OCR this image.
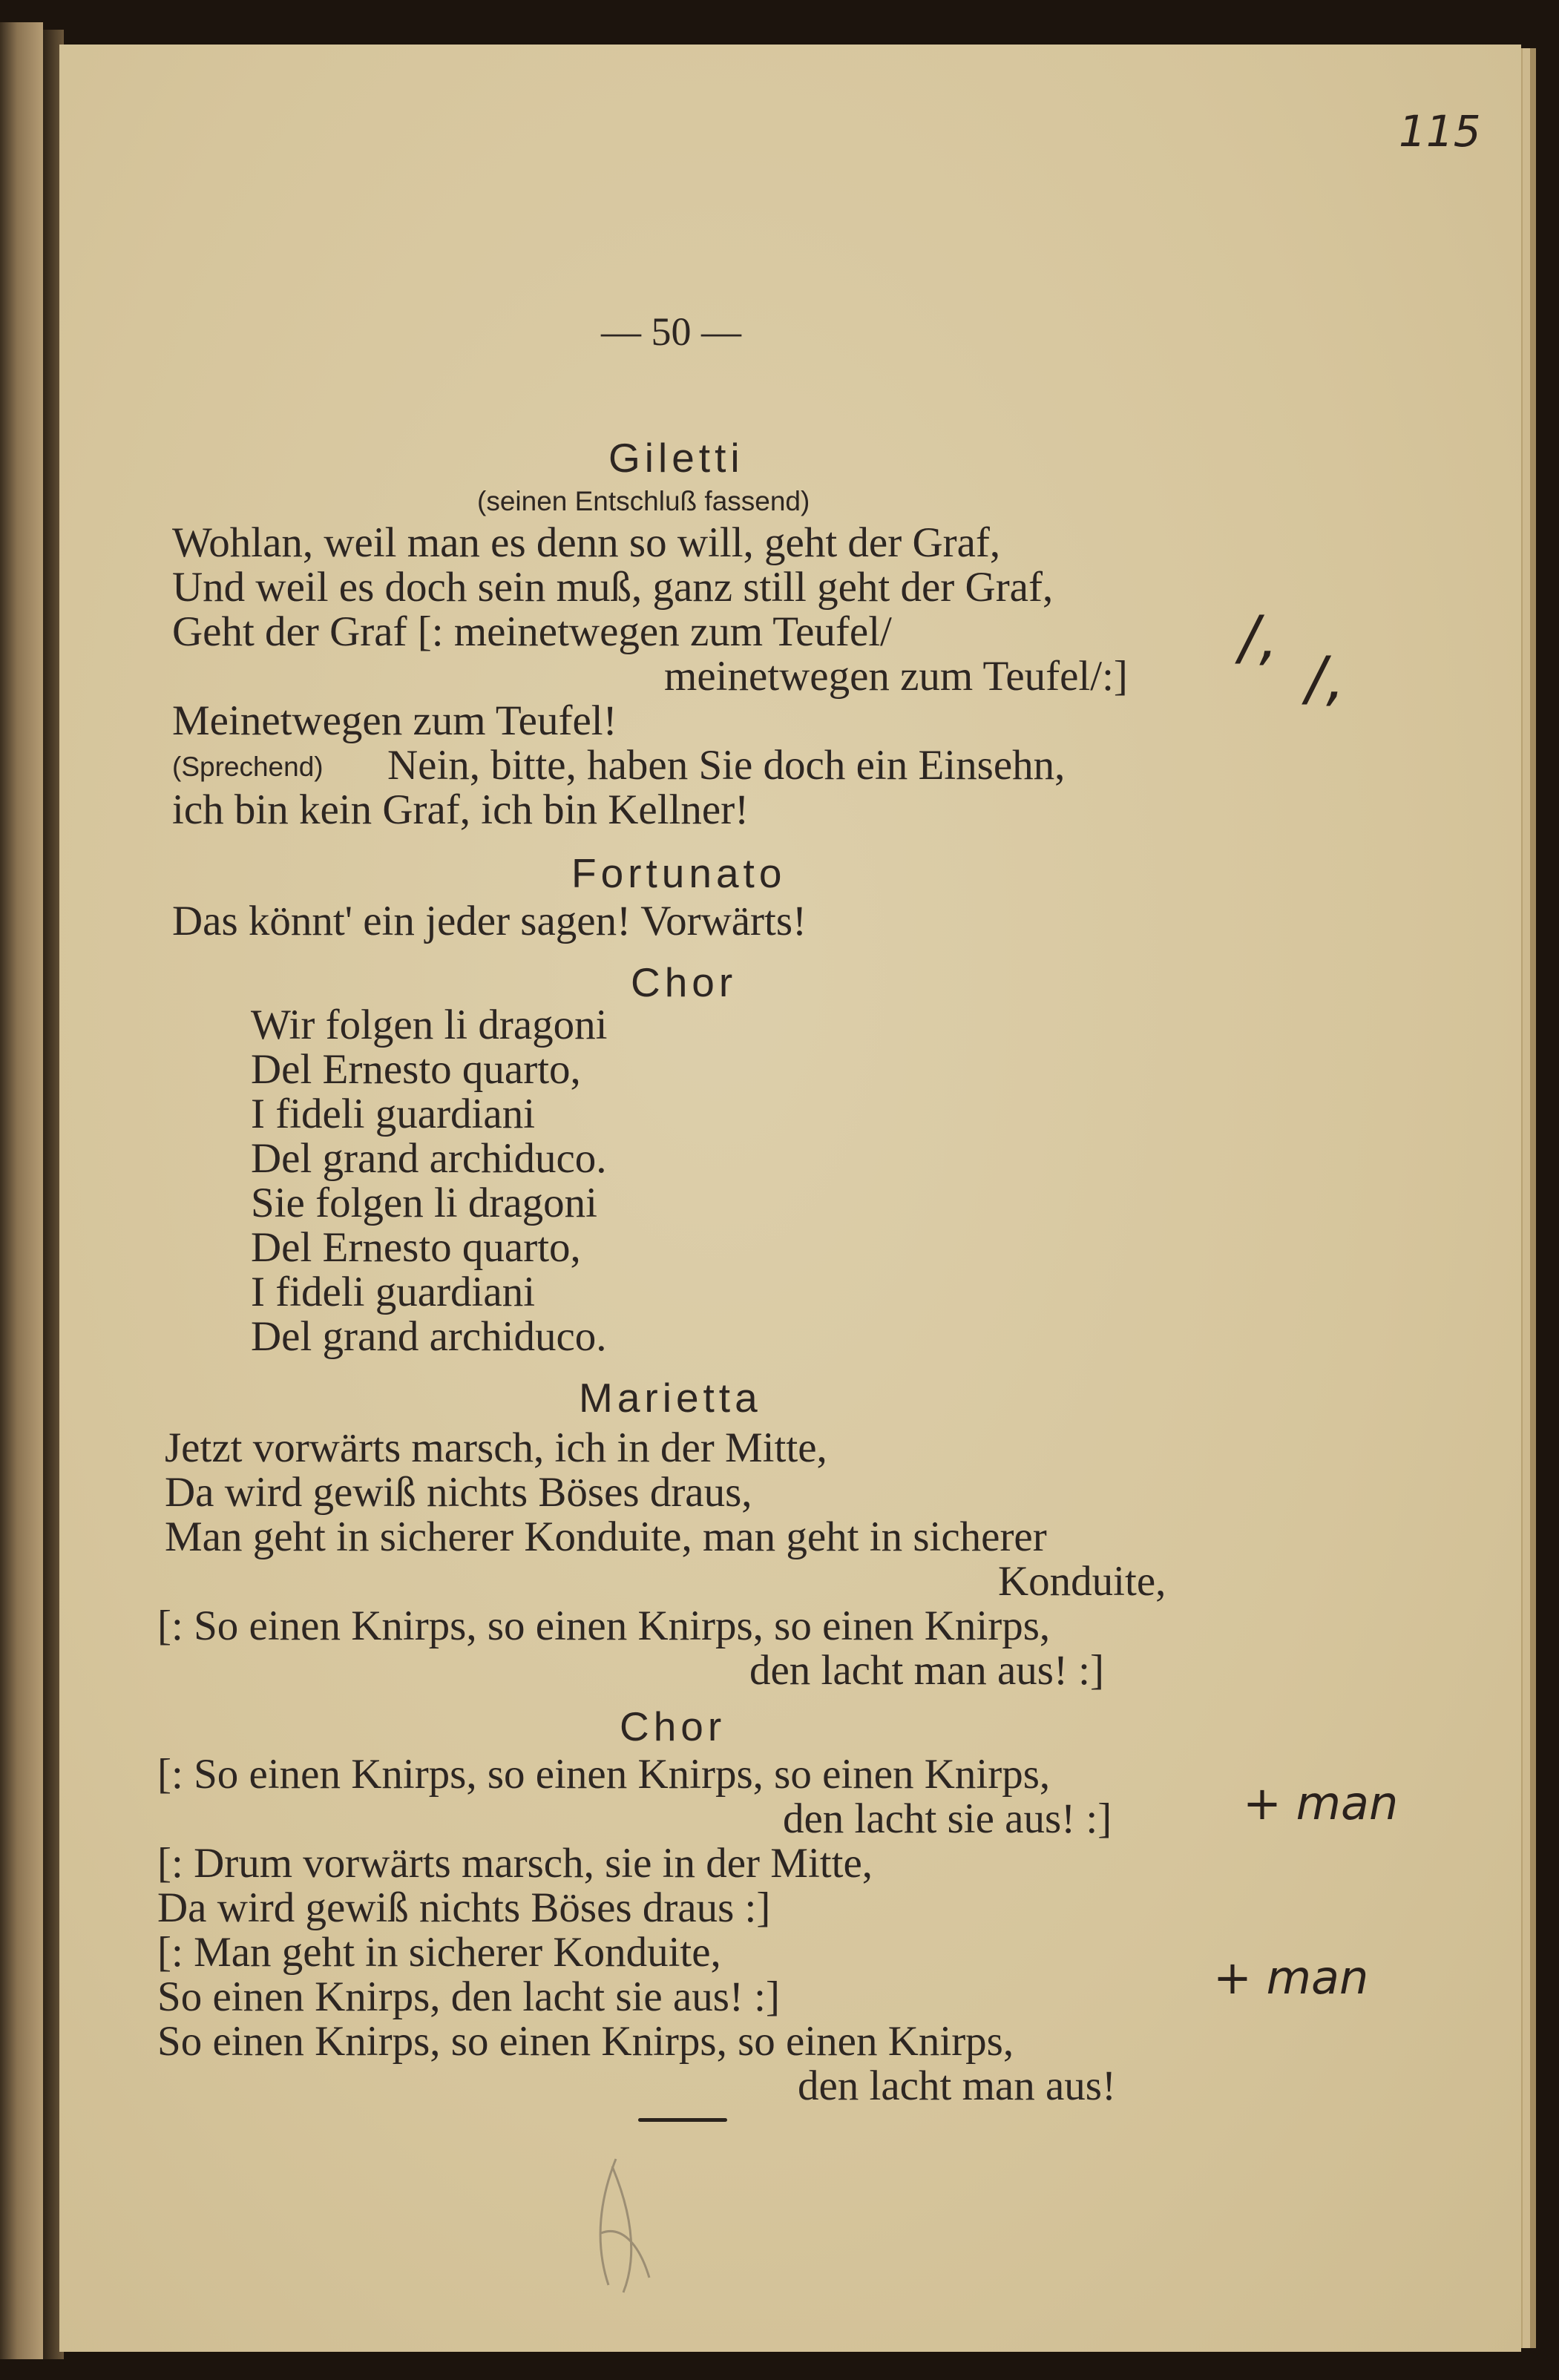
115
— 50 —
Giletti
(seinen Entschluß fassend)
Wohlan, weil man es denn so will, geht der Graf,
Und weil es doch sein muß, ganz still geht der Graf,
Geht der Graf [: meinetwegen zum Teufel/
meinetwegen zum Teufel/:]
Meinetwegen zum Teufel!
(Sprechend) Nein, bitte, haben Sie doch ein Einsehn,
ich bin kein Graf, ich bin Kellner!
/,
/,
Fortunato
Das könnt' ein jeder sagen! Vorwärts!
Chor
Wir folgen li dragoni
Del Ernesto quarto,
I fideli guardiani
Del grand archiduco.
Sie folgen li dragoni
Del Ernesto quarto,
I fideli guardiani
Del grand archiduco.
Marietta
Jetzt vorwärts marsch, ich in der Mitte,
Da wird gewiß nichts Böses draus,
Man geht in sicherer Konduite, man geht in sicherer
Konduite,
[: So einen Knirps, so einen Knirps, so einen Knirps,
den lacht man aus! :]
Chor
[: So einen Knirps, so einen Knirps, so einen Knirps,
den lacht sie aus! :]
[: Drum vorwärts marsch, sie in der Mitte,
Da wird gewiß nichts Böses draus :]
[: Man geht in sicherer Konduite,
So einen Knirps, den lacht sie aus! :]
So einen Knirps, so einen Knirps, so einen Knirps,
den lacht man aus!
+ man
+ man
